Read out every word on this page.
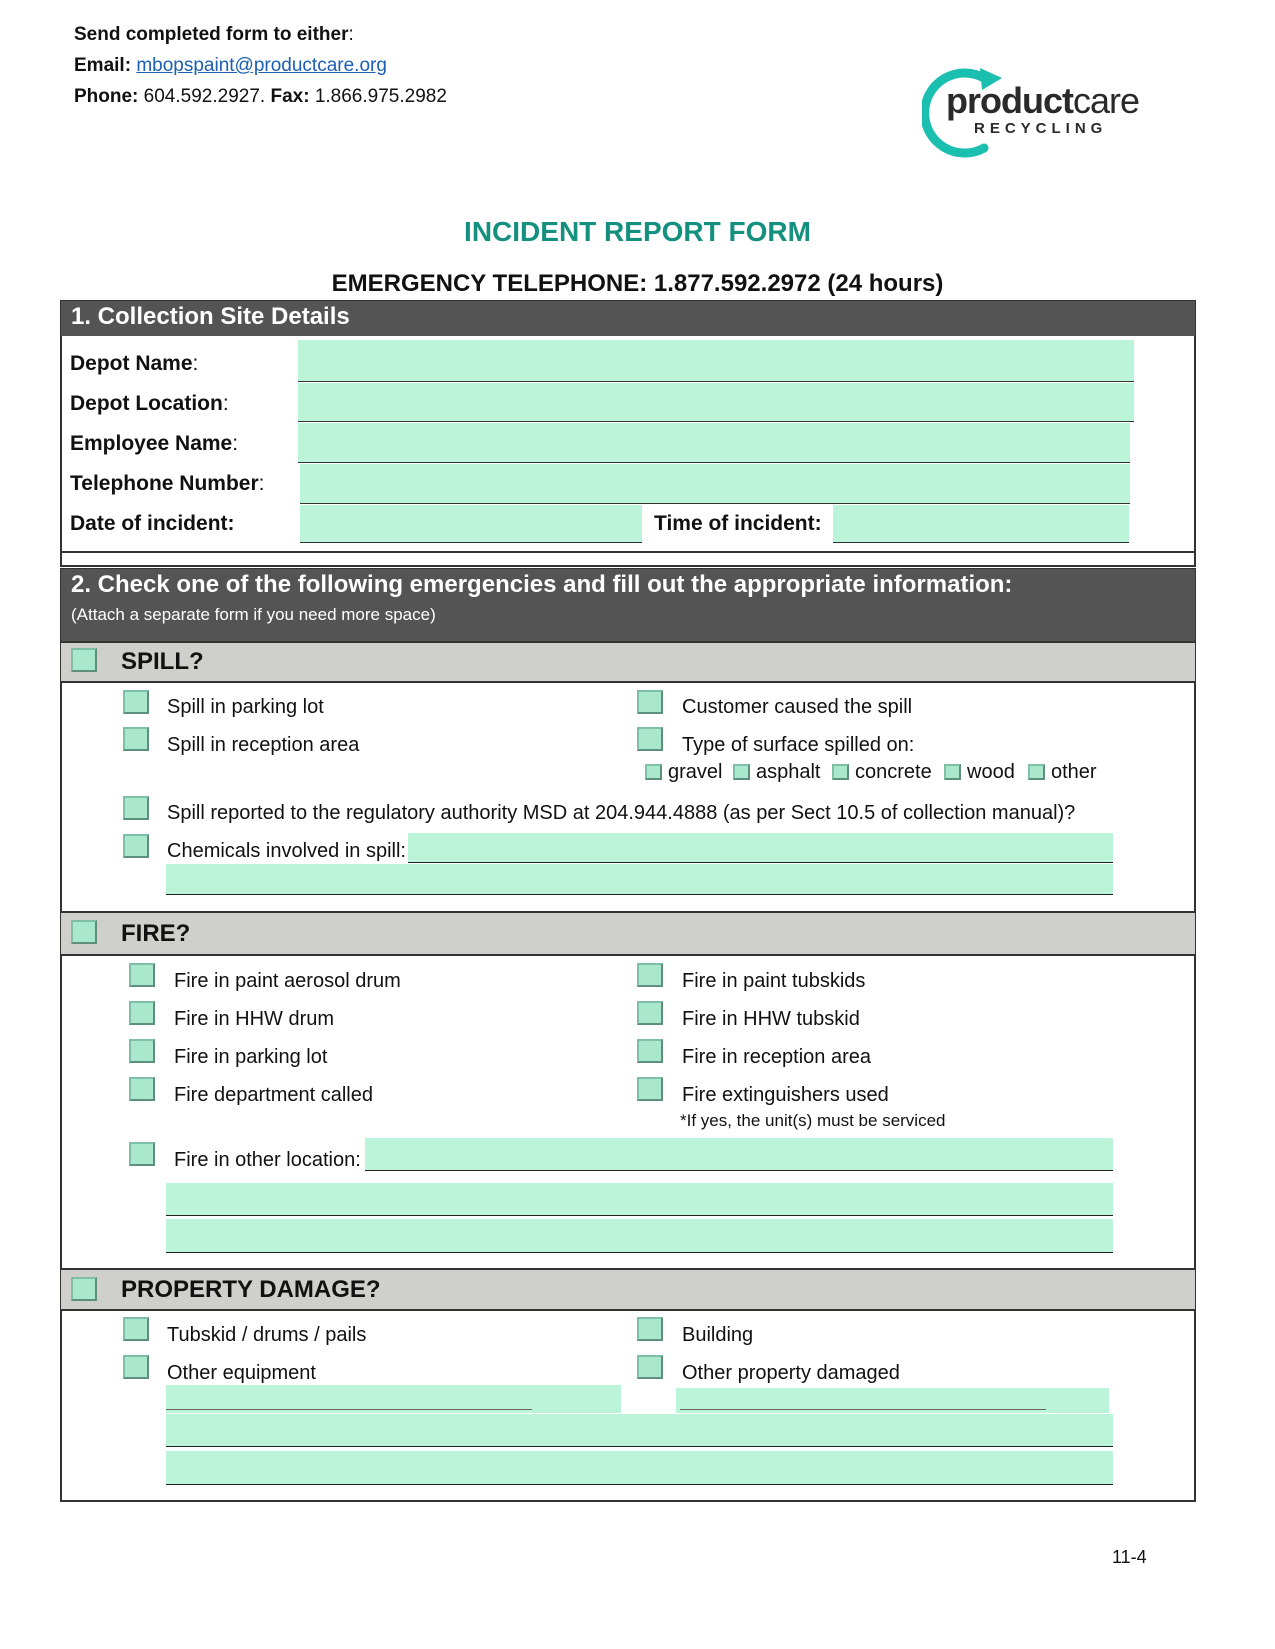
Send completed form to either:
Email: mbopspaint@productcare.org
Phone: 604.592.2927. Fax: 1.866.975.2982	productcare
RECYCLING
INCIDENT REPORT FORM
EMERGENCY TELEPHONE: 1.877.592.2972 (24 hours)
1. Collection Site Details
Depot Name:
Depot Location:
Employee Name:
Telephone Number:
Date of incident:	Time of incident:
2. Check one of the following emergencies and fill out the appropriate information:
(Attach a separate form if you need more space)
SPILL?
Spill in parking lot
Spill in reception area
Customer caused the spill
Type of surface spilled on:
gravel asphalt concrete wood other
Spill reported to the regulatory authority MSD at 204.944.4888 (as per Sect 10.5 of collection manual)?
Chemicals involved in spill:
FIRE?
Fire in paint aerosol drum
Fire in HHW drum
Fire in parking lot
Fire department called
Fire in paint tubskids
Fire in HHW tubskid
Fire in reception area
Fire extinguishers used
*If yes, the unit(s) must be serviced
Fire in other location:
PROPERTY DAMAGE?
Tubskid / drums / pails
Other equipment
Building
Other property damaged
11-4
